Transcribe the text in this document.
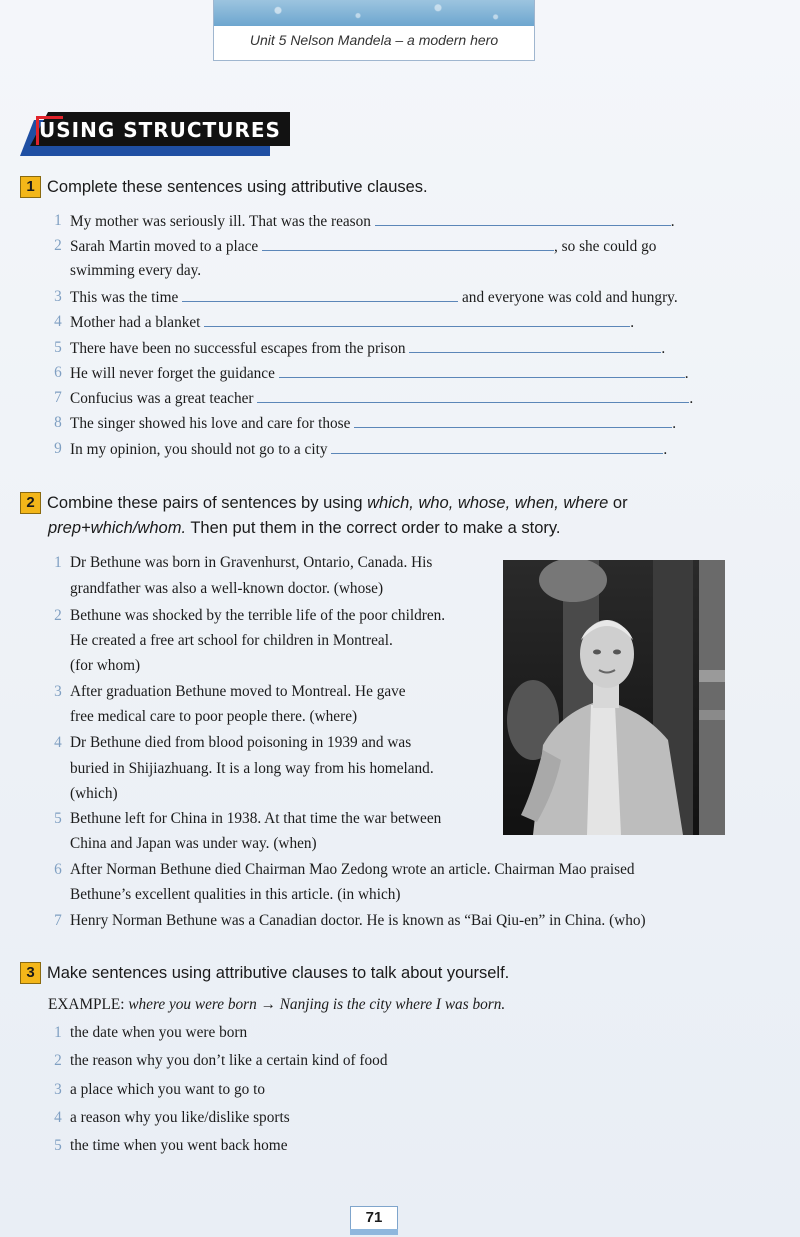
Unit 5 Nelson Mandela – a modern hero
USING STRUCTURES
1 Complete these sentences using attributive clauses.
1 My mother was seriously ill. That was the reason	.
2 Sarah Martin moved to a place	, so she could go
swimming every day.
3 This was the time	and everyone was cold and hungry.
4 Mother had a blanket	.
5 There have been no successful escapes from the prison	.
6 He will never forget the guidance	.
7 Confucius was a great teacher	.
8 The singer showed his love and care for those	.
9 In my opinion, you should not go to a city	.
2 Combine these pairs of sentences by using which, who, whose, when, where or
prep+which/whom. Then put them in the correct order to make a story.
1 Dr Bethune was born in Gravenhurst, Ontario, Canada. His
grandfather was also a well-known doctor. (whose)
2 Bethune was shocked by the terrible life of the poor children.
He created a free art school for children in Montreal.
(for whom)
3 After graduation Bethune moved to Montreal. He gave
free medical care to poor people there. (where)
4 Dr Bethune died from blood poisoning in 1939 and was
buried in Shijiazhuang. It is a long way from his homeland.
(which)
5 Bethune left for China in 1938. At that time the war between
China and Japan was under way. (when)
6 After Norman Bethune died Chairman Mao Zedong wrote an article. Chairman Mao praised
Bethune’s excellent qualities in this article. (in which)
7 Henry Norman Bethune was a Canadian doctor. He is known as “Bai Qiu-en” in China. (who)
3 Make sentences using attributive clauses to talk about yourself.
EXAMPLE: where you were born → Nanjing is the city where I was born.
1 the date when you were born
2 the reason why you don’t like a certain kind of food
3 a place which you want to go to
4 a reason why you like/dislike sports
5 the time when you went back home
71
